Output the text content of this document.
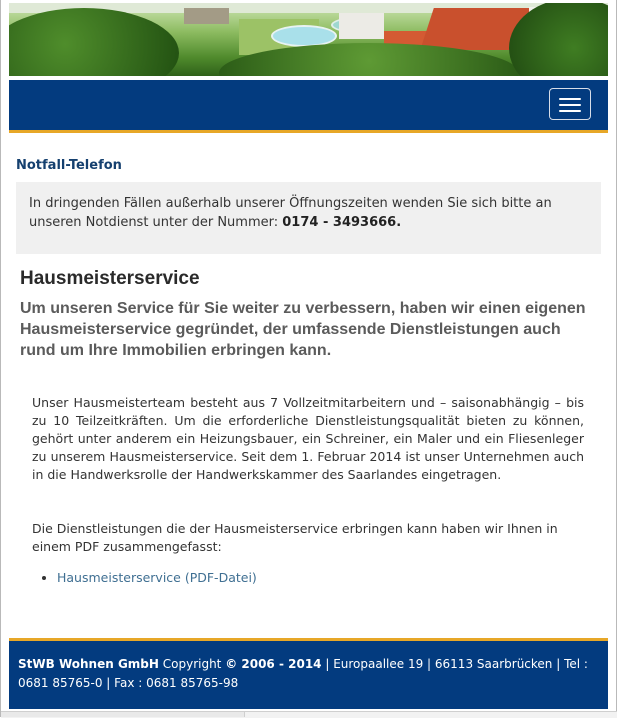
Notfall-Telefon
In dringenden Fällen außerhalb unserer Öffnungszeiten wenden Sie sich bitte an unseren Notdienst unter der Nummer: 0174 - 3493666.
Hausmeisterservice

Um unseren Service für Sie weiter zu verbessern, haben wir einen eigenen Hausmeisterservice gegründet, der umfassende Dienstleistungen auch rund um Ihre Immobilien erbringen kann.

Unser Hausmeisterteam besteht aus 7 Vollzeitmitarbeitern und – saisonabhängig – bis zu 10 Teilzeitkräften. Um die erforderliche Dienstleistungsqualität bieten zu können, gehört unter anderem ein Heizungsbauer, ein Schreiner, ein Maler und ein Fliesenleger zu unserem Hausmeisterservice. Seit dem 1. Februar 2014 ist unser Unternehmen auch in die Handwerksrolle der Handwerkskammer des Saarlandes eingetragen.

Die Dienstleistungen die der Hausmeisterservice erbringen kann haben wir Ihnen in einem PDF zusammengefasst:

• Hausmeisterservice (PDF-Datei)
StWB Wohnen GmbH Copyright © 2006 - 2014 | Europaallee 19 | 66113 Saarbrücken | Tel : 0681 85765-0 | Fax : 0681 85765-98
